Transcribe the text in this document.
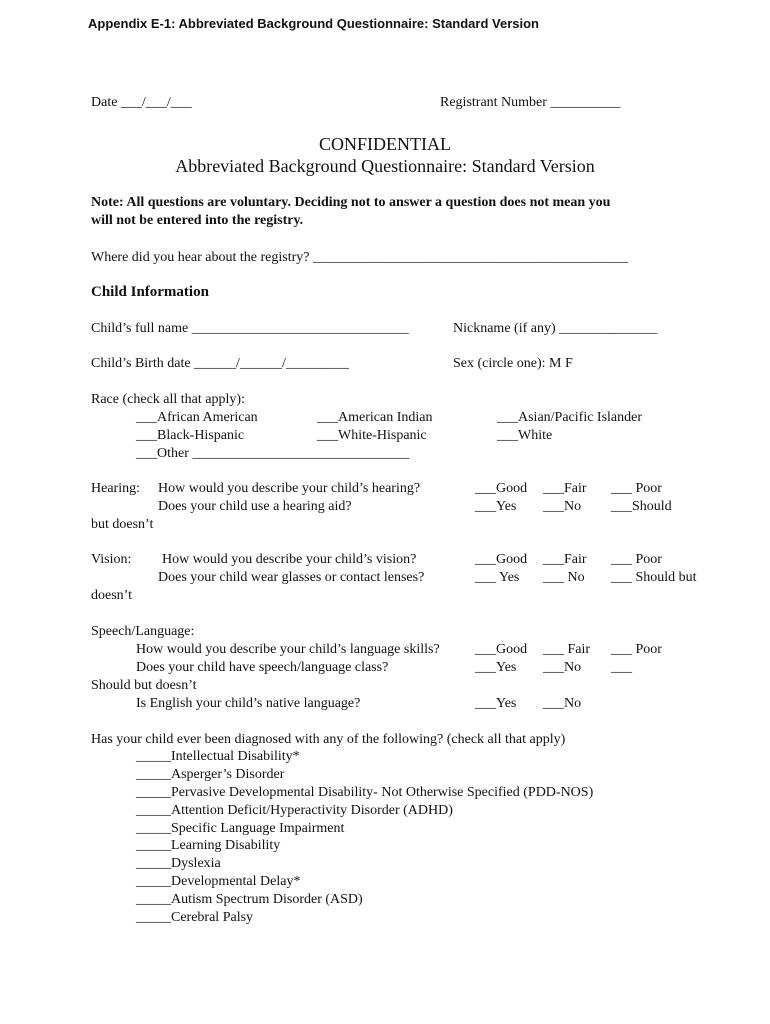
Appendix E-1: Abbreviated Background Questionnaire: Standard Version
Date ___/___/___	Registrant Number __________
CONFIDENTIAL
Abbreviated Background Questionnaire: Standard Version
Note: All questions are voluntary. Deciding not to answer a question does not mean you
will not be entered into the registry.
Where did you hear about the registry? _____________________________________________
Child Information
Child’s full name _______________________________	Nickname (if any) ______________
Child’s Birth date ______/______/_________	Sex (circle one): M F
Race (check all that apply):
___African American	___American Indian	___Asian/Pacific Islander
___Black-Hispanic	___White-Hispanic	___White
___Other _______________________________
Hearing: How would you describe your child’s hearing?	___Good ___Fair ___ Poor
Does your child use a hearing aid?	___Yes ___No ___Should
but doesn’t
Vision: How would you describe your child’s vision?	___Good ___Fair ___ Poor
Does your child wear glasses or contact lenses?	___ Yes ___ No ___ Should but
doesn’t
Speech/Language:
How would you describe your child’s language skills?	___Good ___ Fair ___ Poor
Does your child have speech/language class?	___Yes ___No ___
Should but doesn’t
Is English your child’s native language?	___Yes ___No
Has your child ever been diagnosed with any of the following? (check all that apply)
_____Intellectual Disability*
_____Asperger’s Disorder
_____Pervasive Developmental Disability- Not Otherwise Specified (PDD-NOS)
_____Attention Deficit/Hyperactivity Disorder (ADHD)
_____Specific Language Impairment
_____Learning Disability
_____Dyslexia
_____Developmental Delay*
_____Autism Spectrum Disorder (ASD)
_____Cerebral Palsy
